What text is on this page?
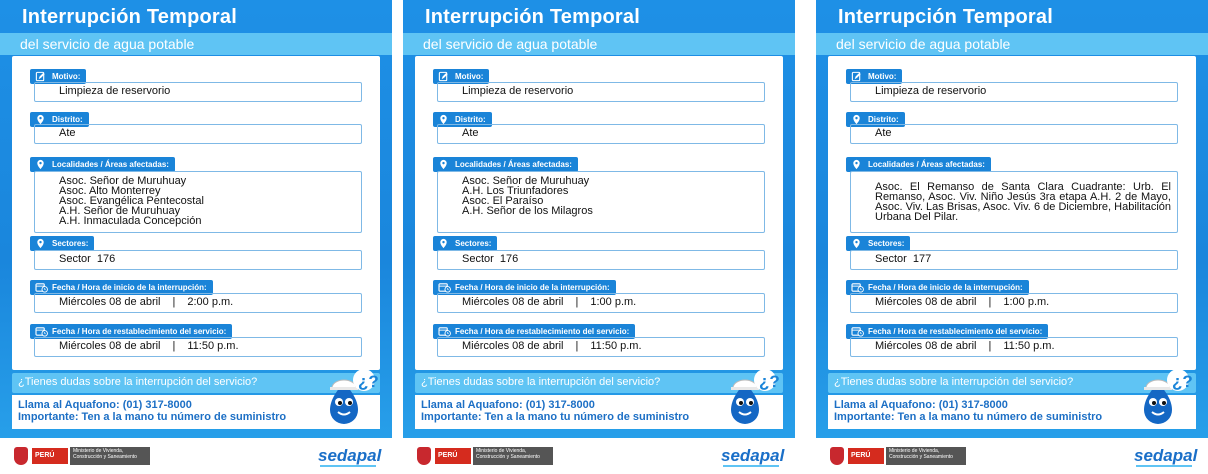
Interrupción Temporal
del servicio de agua potable
Motivo:
Limpieza de reservorio
Distrito:
Ate
Localidades / Áreas afectadas:
Asoc. Señor de Muruhuay
Asoc. Alto Monterrey
Asoc. Evangélica Pentecostal
A.H. Señor de Muruhuay
A.H. Inmaculada Concepción
Sectores:
Sector  176
Fecha / Hora de inicio de la interrupción:
Miércoles 08 de abril | 2:00 p.m.
Fecha / Hora de restablecimiento del servicio:
Miércoles 08 de abril | 11:50 p.m.
¿Tienes dudas sobre la interrupción del servicio?
Llama al Aquafono: (01) 317-8000
Importante: Ten a la mano tu número de suministro
¿?
PERÚ
Ministerio de Vivienda, Construcción y Saneamiento	sedapal
Interrupción Temporal
del servicio de agua potable
Motivo:
Limpieza de reservorio
Distrito:
Ate
Localidades / Áreas afectadas:
Asoc. Señor de Muruhuay
A.H. Los Triunfadores
Asoc. El Paraíso
A.H. Señor de los Milagros
Sectores:
Sector  176
Fecha / Hora de inicio de la interrupción:
Miércoles 08 de abril | 1:00 p.m.
Fecha / Hora de restablecimiento del servicio:
Miércoles 08 de abril | 11:50 p.m.
¿Tienes dudas sobre la interrupción del servicio?
Llama al Aquafono: (01) 317-8000
Importante: Ten a la mano tu número de suministro
¿?
PERÚ
Ministerio de Vivienda, Construcción y Saneamiento	sedapal
Interrupción Temporal
del servicio de agua potable
Motivo:
Limpieza de reservorio
Distrito:
Ate
Localidades / Áreas afectadas:
Asoc. El Remanso de Santa Clara Cuadrante: Urb. El Remanso, Asoc. Viv. Niño Jesús 3ra etapa A.H. 2 de Mayo, Asoc. Viv. Las Brisas, Asoc. Viv. 6 de Diciembre, Habilitación Urbana Del Pilar.
Sectores:
Sector  177
Fecha / Hora de inicio de la interrupción:
Miércoles 08 de abril | 1:00 p.m.
Fecha / Hora de restablecimiento del servicio:
Miércoles 08 de abril | 11:50 p.m.
¿Tienes dudas sobre la interrupción del servicio?
Llama al Aquafono: (01) 317-8000
Importante: Ten a la mano tu número de suministro
¿?
PERÚ
Ministerio de Vivienda, Construcción y Saneamiento	sedapal
